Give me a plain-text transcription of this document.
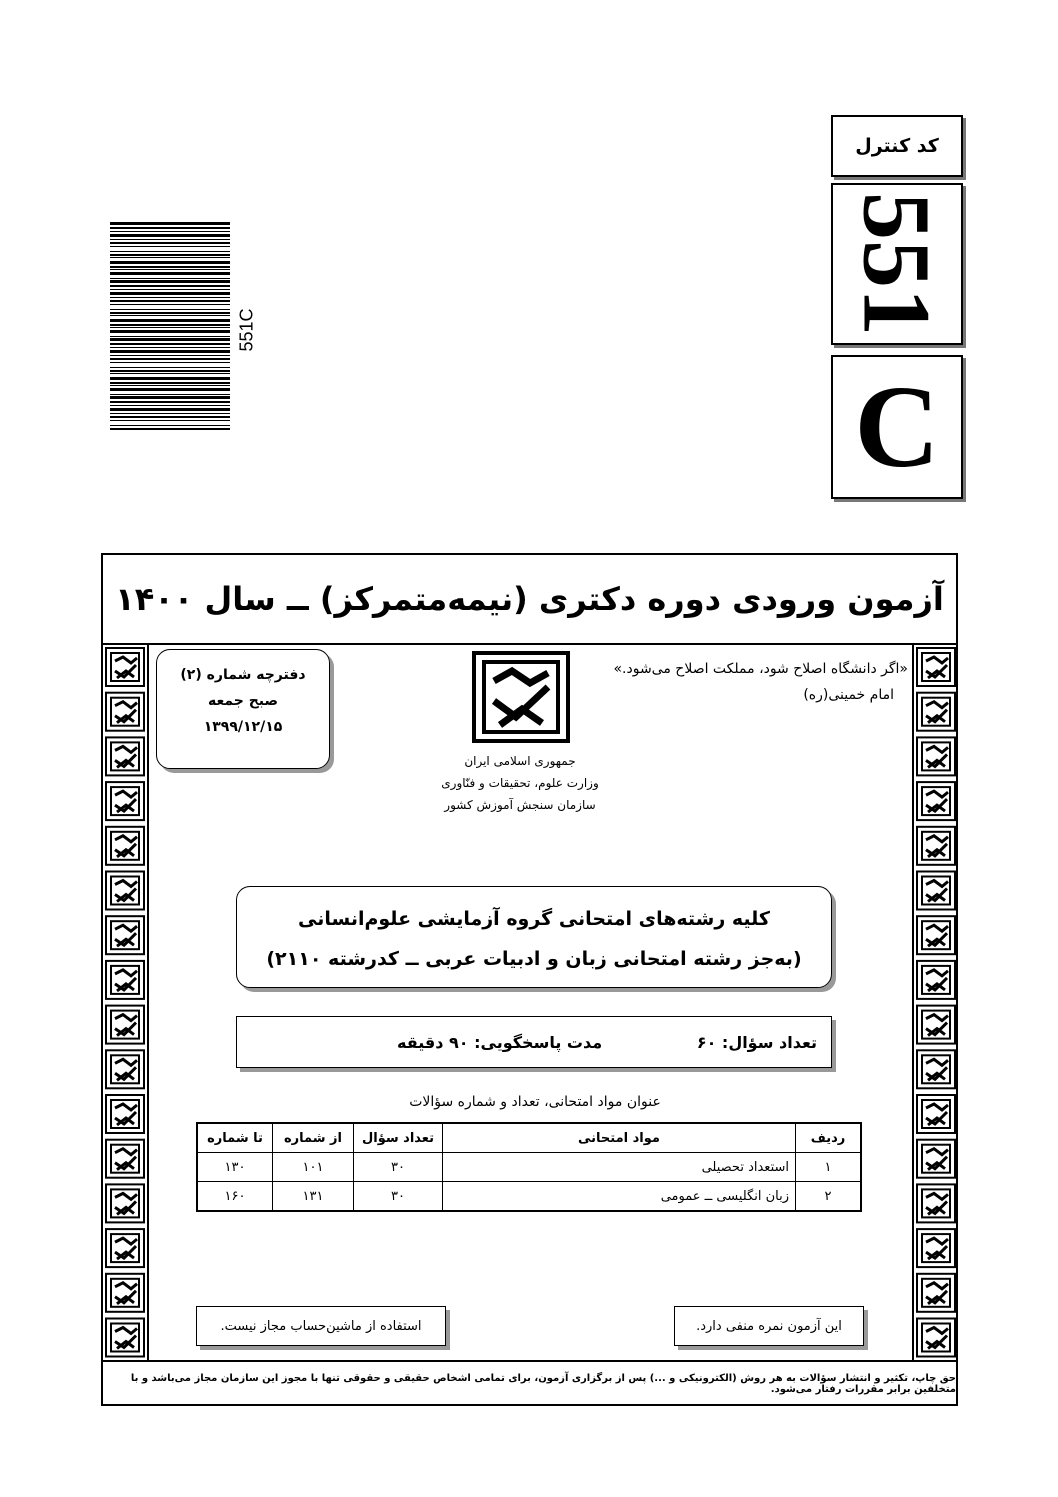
کد کنترل
551
C
551C
آزمون ورودی دوره دکتری (نیمه‌متمرکز) ــ سال ۱۴۰۰
«اگر دانشگاه اصلاح شود، مملکت اصلاح می‌شود.»
امام خمینی(ره)
جمهوری اسلامی ایران
وزارت علوم، تحقیقات و فنّاوری
سازمان سنجش آموزش کشور
دفترچه شماره (۲)
صبح جمعه
۱۳۹۹/۱۲/۱۵
کلیه رشته‌های امتحانی گروه آزمایشی علوم‌انسانی
(به‌جز رشته امتحانی زبان و ادبیات عربی ــ کدرشته ۲۱۱۰)
تعداد سؤال: ۶۰
مدت پاسخگویی: ۹۰ دقیقه
عنوان مواد امتحانی، تعداد و شماره سؤالات
ردیف	مواد امتحانی	تعداد سؤال	از شماره	تا شماره
۱	استعداد تحصیلی	۳۰	۱۰۱	۱۳۰
۲	زبان انگلیسی ــ عمومی	۳۰	۱۳۱	۱۶۰
استفاده از ماشین‌حساب مجاز نیست.	این آزمون نمره منفی دارد.
حق چاپ، تکثیر و انتشار سؤالات به هر روش (الکترونیکی و ...) پس از برگزاری آزمون، برای تمامی اشخاص حقیقی و حقوقی تنها با مجوز این سازمان مجاز می‌باشد و با متخلفین برابر مقررات رفتار می‌شود.
